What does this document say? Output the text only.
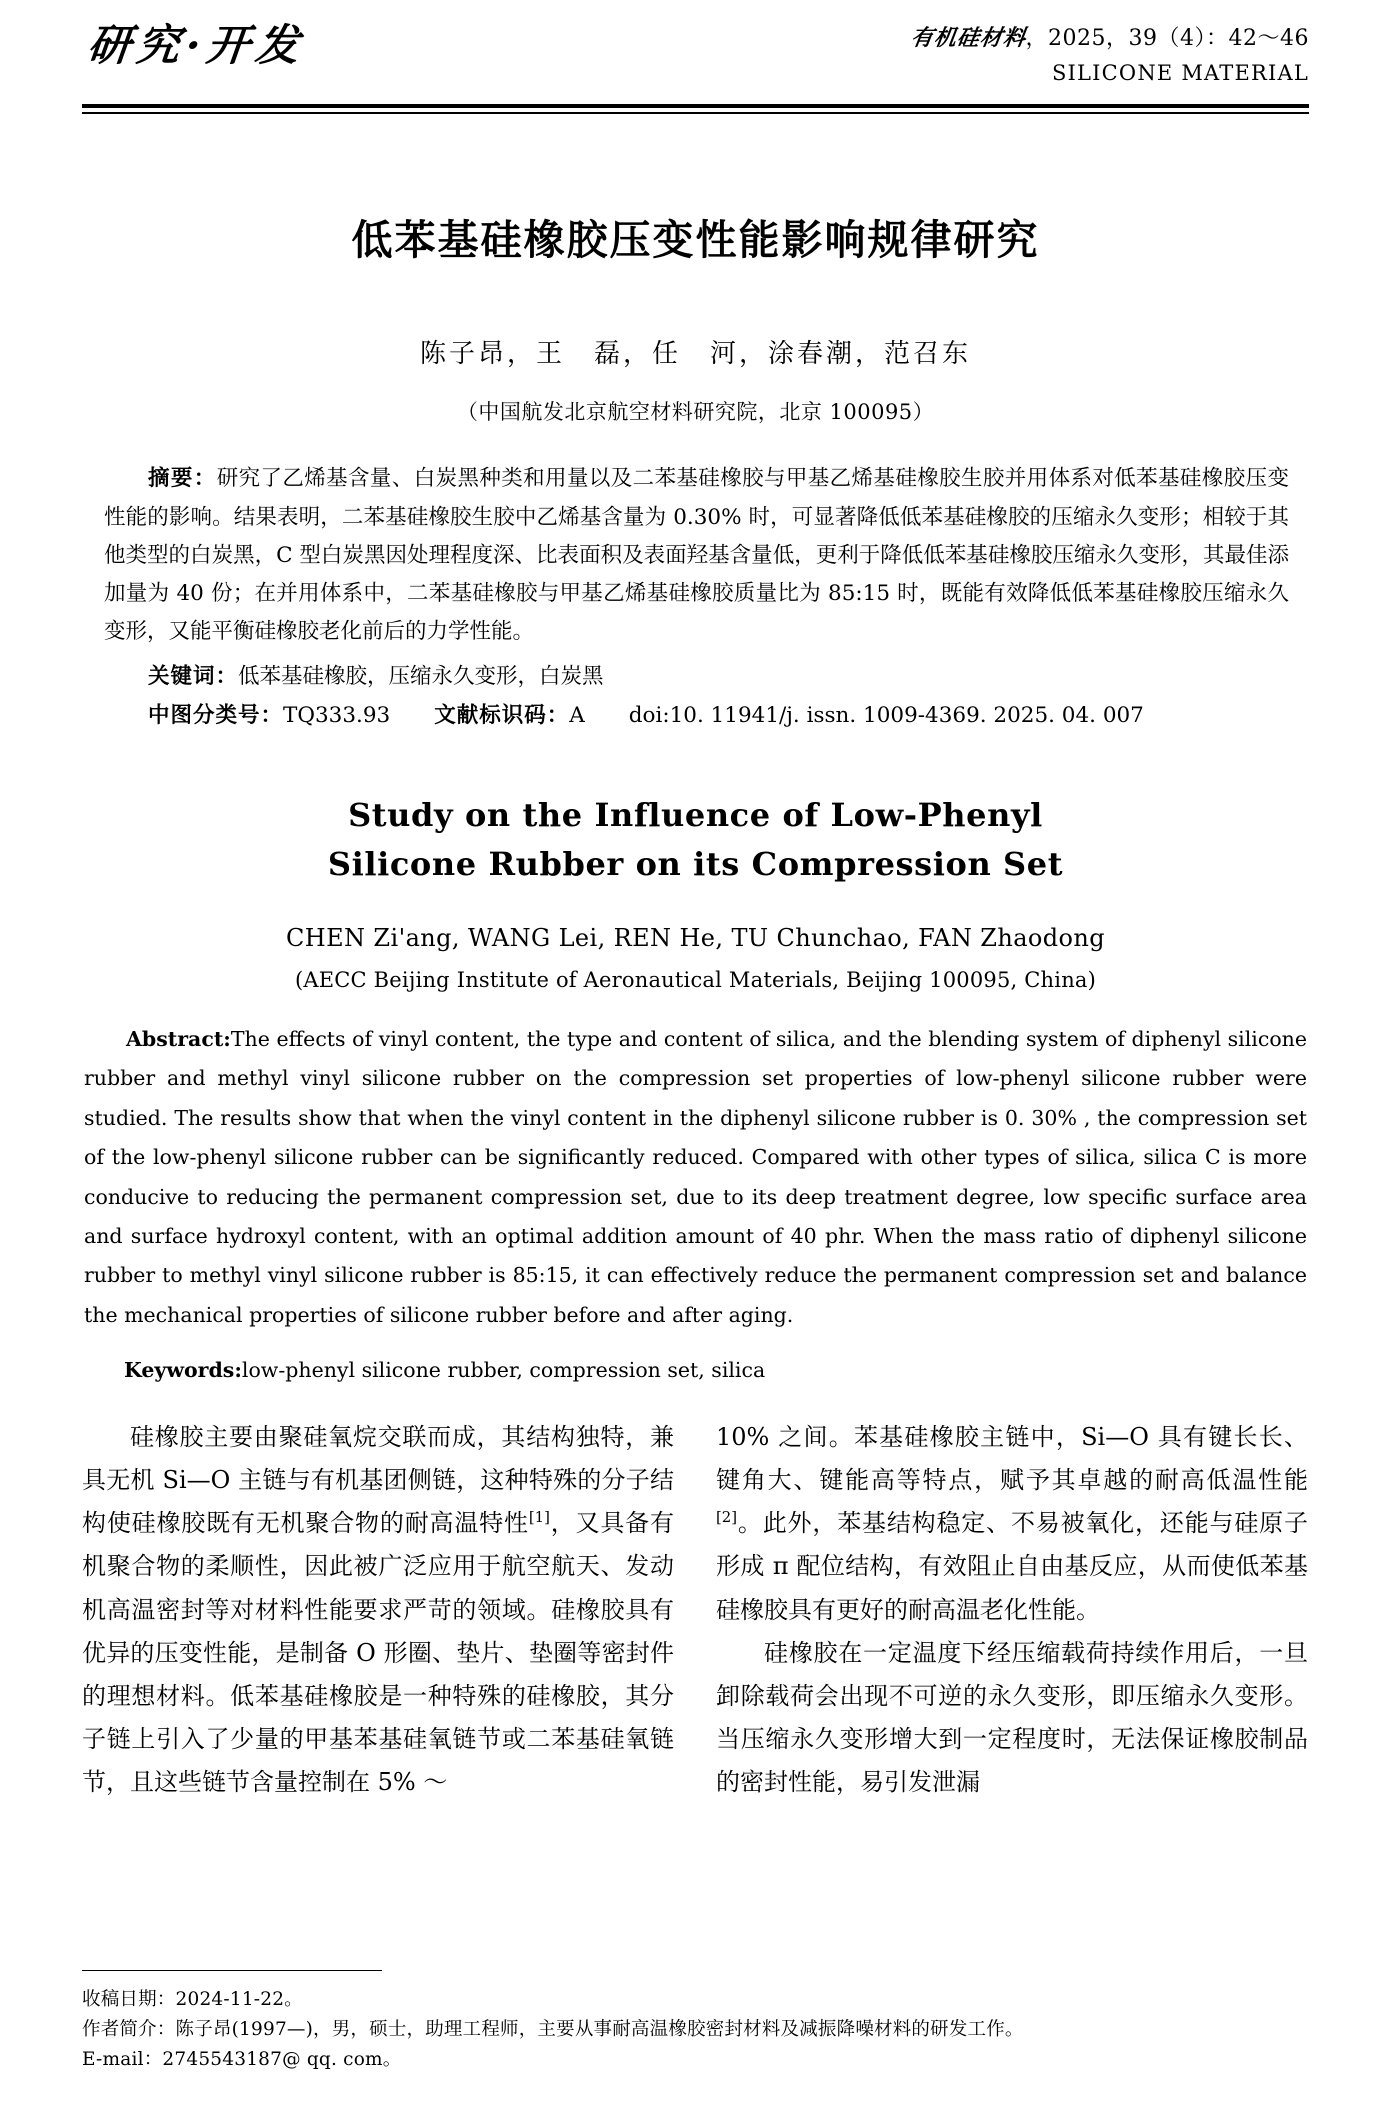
研究·开发	有机硅材料，2025，39（4）：42～46
SILICONE MATERIAL
低苯基硅橡胶压变性能影响规律研究
陈子昂，王　磊，任　河，涂春潮，范召东
（中国航发北京航空材料研究院，北京 100095）
摘要：研究了乙烯基含量、白炭黑种类和用量以及二苯基硅橡胶与甲基乙烯基硅橡胶生胶并用体系对低苯基硅橡胶压变性能的影响。结果表明，二苯基硅橡胶生胶中乙烯基含量为 0.30% 时，可显著降低低苯基硅橡胶的压缩永久变形；相较于其他类型的白炭黑，C 型白炭黑因处理程度深、比表面积及表面羟基含量低，更利于降低低苯基硅橡胶压缩永久变形，其最佳添加量为 40 份；在并用体系中，二苯基硅橡胶与甲基乙烯基硅橡胶质量比为 85:15 时，既能有效降低低苯基硅橡胶压缩永久变形，又能平衡硅橡胶老化前后的力学性能。
关键词：低苯基硅橡胶，压缩永久变形，白炭黑
中图分类号：TQ333.93 文献标识码：A doi:10. 11941/j. issn. 1009-4369. 2025. 04. 007
Study on the Influence of Low-Phenyl
Silicone Rubber on its Compression Set
CHEN Zi'ang, WANG Lei, REN He, TU Chunchao, FAN Zhaodong
(AECC Beijing Institute of Aeronautical Materials, Beijing 100095, China)
Abstract:The effects of vinyl content, the type and content of silica, and the blending system of diphenyl silicone rubber and methyl vinyl silicone rubber on the compression set properties of low-phenyl silicone rubber were studied. The results show that when the vinyl content in the diphenyl silicone rubber is 0. 30% , the compression set of the low-phenyl silicone rubber can be significantly reduced. Compared with other types of silica, silica C is more conducive to reducing the permanent compression set, due to its deep treatment degree, low specific surface area and surface hydroxyl content, with an optimal addition amount of 40 phr. When the mass ratio of diphenyl silicone rubber to methyl vinyl silicone rubber is 85:15, it can effectively reduce the permanent compression set and balance the mechanical properties of silicone rubber before and after aging.
Keywords:low-phenyl silicone rubber, compression set, silica

硅橡胶主要由聚硅氧烷交联而成，其结构独特，兼具无机 Si—O 主链与有机基团侧链，这种特殊的分子结构使硅橡胶既有无机聚合物的耐高温特性[1]，又具备有机聚合物的柔顺性，因此被广泛应用于航空航天、发动机高温密封等对材料性能要求严苛的领域。硅橡胶具有优异的压变性能，是制备 O 形圈、垫片、垫圈等密封件的理想材料。低苯基硅橡胶是一种特殊的硅橡胶，其分子链上引入了少量的甲基苯基硅氧链节或二苯基硅氧链节，且这些链节含量控制在 5% ～

10% 之间。苯基硅橡胶主链中，Si—O 具有键长长、键角大、键能高等特点，赋予其卓越的耐高低温性能[2]。此外，苯基结构稳定、不易被氧化，还能与硅原子形成 π 配位结构，有效阻止自由基反应，从而使低苯基硅橡胶具有更好的耐高温老化性能。

硅橡胶在一定温度下经压缩载荷持续作用后，一旦卸除载荷会出现不可逆的永久变形，即压缩永久变形。当压缩永久变形增大到一定程度时，无法保证橡胶制品的密封性能，易引发泄漏

收稿日期：2024-11-22。
作者简介：陈子昂(1997—)，男，硕士，助理工程师，主要从事耐高温橡胶密封材料及减振降噪材料的研发工作。
E-mail：2745543187@ qq. com。
